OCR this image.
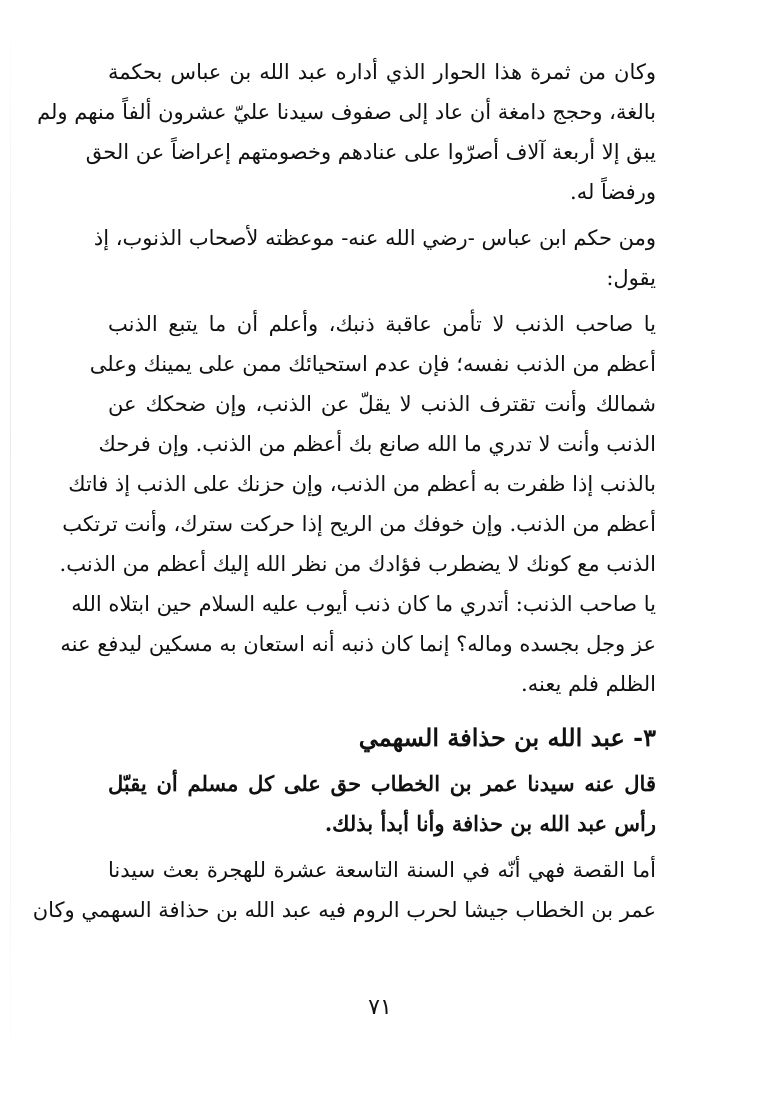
وكان من ثمرة هذا الحوار الذي أداره عبد الله بن عباس بحكمة
بالغة، وحجج دامغة أن عاد إلى صفوف سيدنا عليّ عشرون ألفاً منهم ولم
يبق إلا أربعة آلاف أصرّوا على عنادهم وخصومتهم إعراضاً عن الحق
ورفضاً له.

ومن حكم ابن عباس -رضي الله عنه- موعظته لأصحاب الذنوب، إذ
يقول:

يا صاحب الذنب لا تأمن عاقبة ذنبك، وأعلم أن ما يتبع الذنب
أعظم من الذنب نفسه؛ فإن عدم استحيائك ممن على يمينك وعلى
شمالك وأنت تقترف الذنب لا يقلّ عن الذنب، وإن ضحكك عن
الذنب وأنت لا تدري ما الله صانع بك أعظم من الذنب. وإن فرحك
بالذنب إذا ظفرت به أعظم من الذنب، وإن حزنك على الذنب إذ فاتك
أعظم من الذنب. وإن خوفك من الريح إذا حركت سترك، وأنت ترتكب
الذنب مع كونك لا يضطرب فؤادك من نظر الله إليك أعظم من الذنب.

يا صاحب الذنب: أتدري ما كان ذنب أيوب عليه السلام حين ابتلاه الله
عز وجل بجسده وماله؟ إنما كان ذنبه أنه استعان به مسكين ليدفع عنه
الظلم فلم يعنه.

٣- عبد الله بن حذافة السهمي

قال عنه سيدنا عمر بن الخطاب حق على كل مسلم أن يقبّل
رأس عبد الله بن حذافة وأنا أبدأ بذلك.

أما القصة فهي أنّه في السنة التاسعة عشرة للهجرة بعث سيدنا
عمر بن الخطاب جيشا لحرب الروم فيه عبد الله بن حذافة السهمي وكان

٧١
